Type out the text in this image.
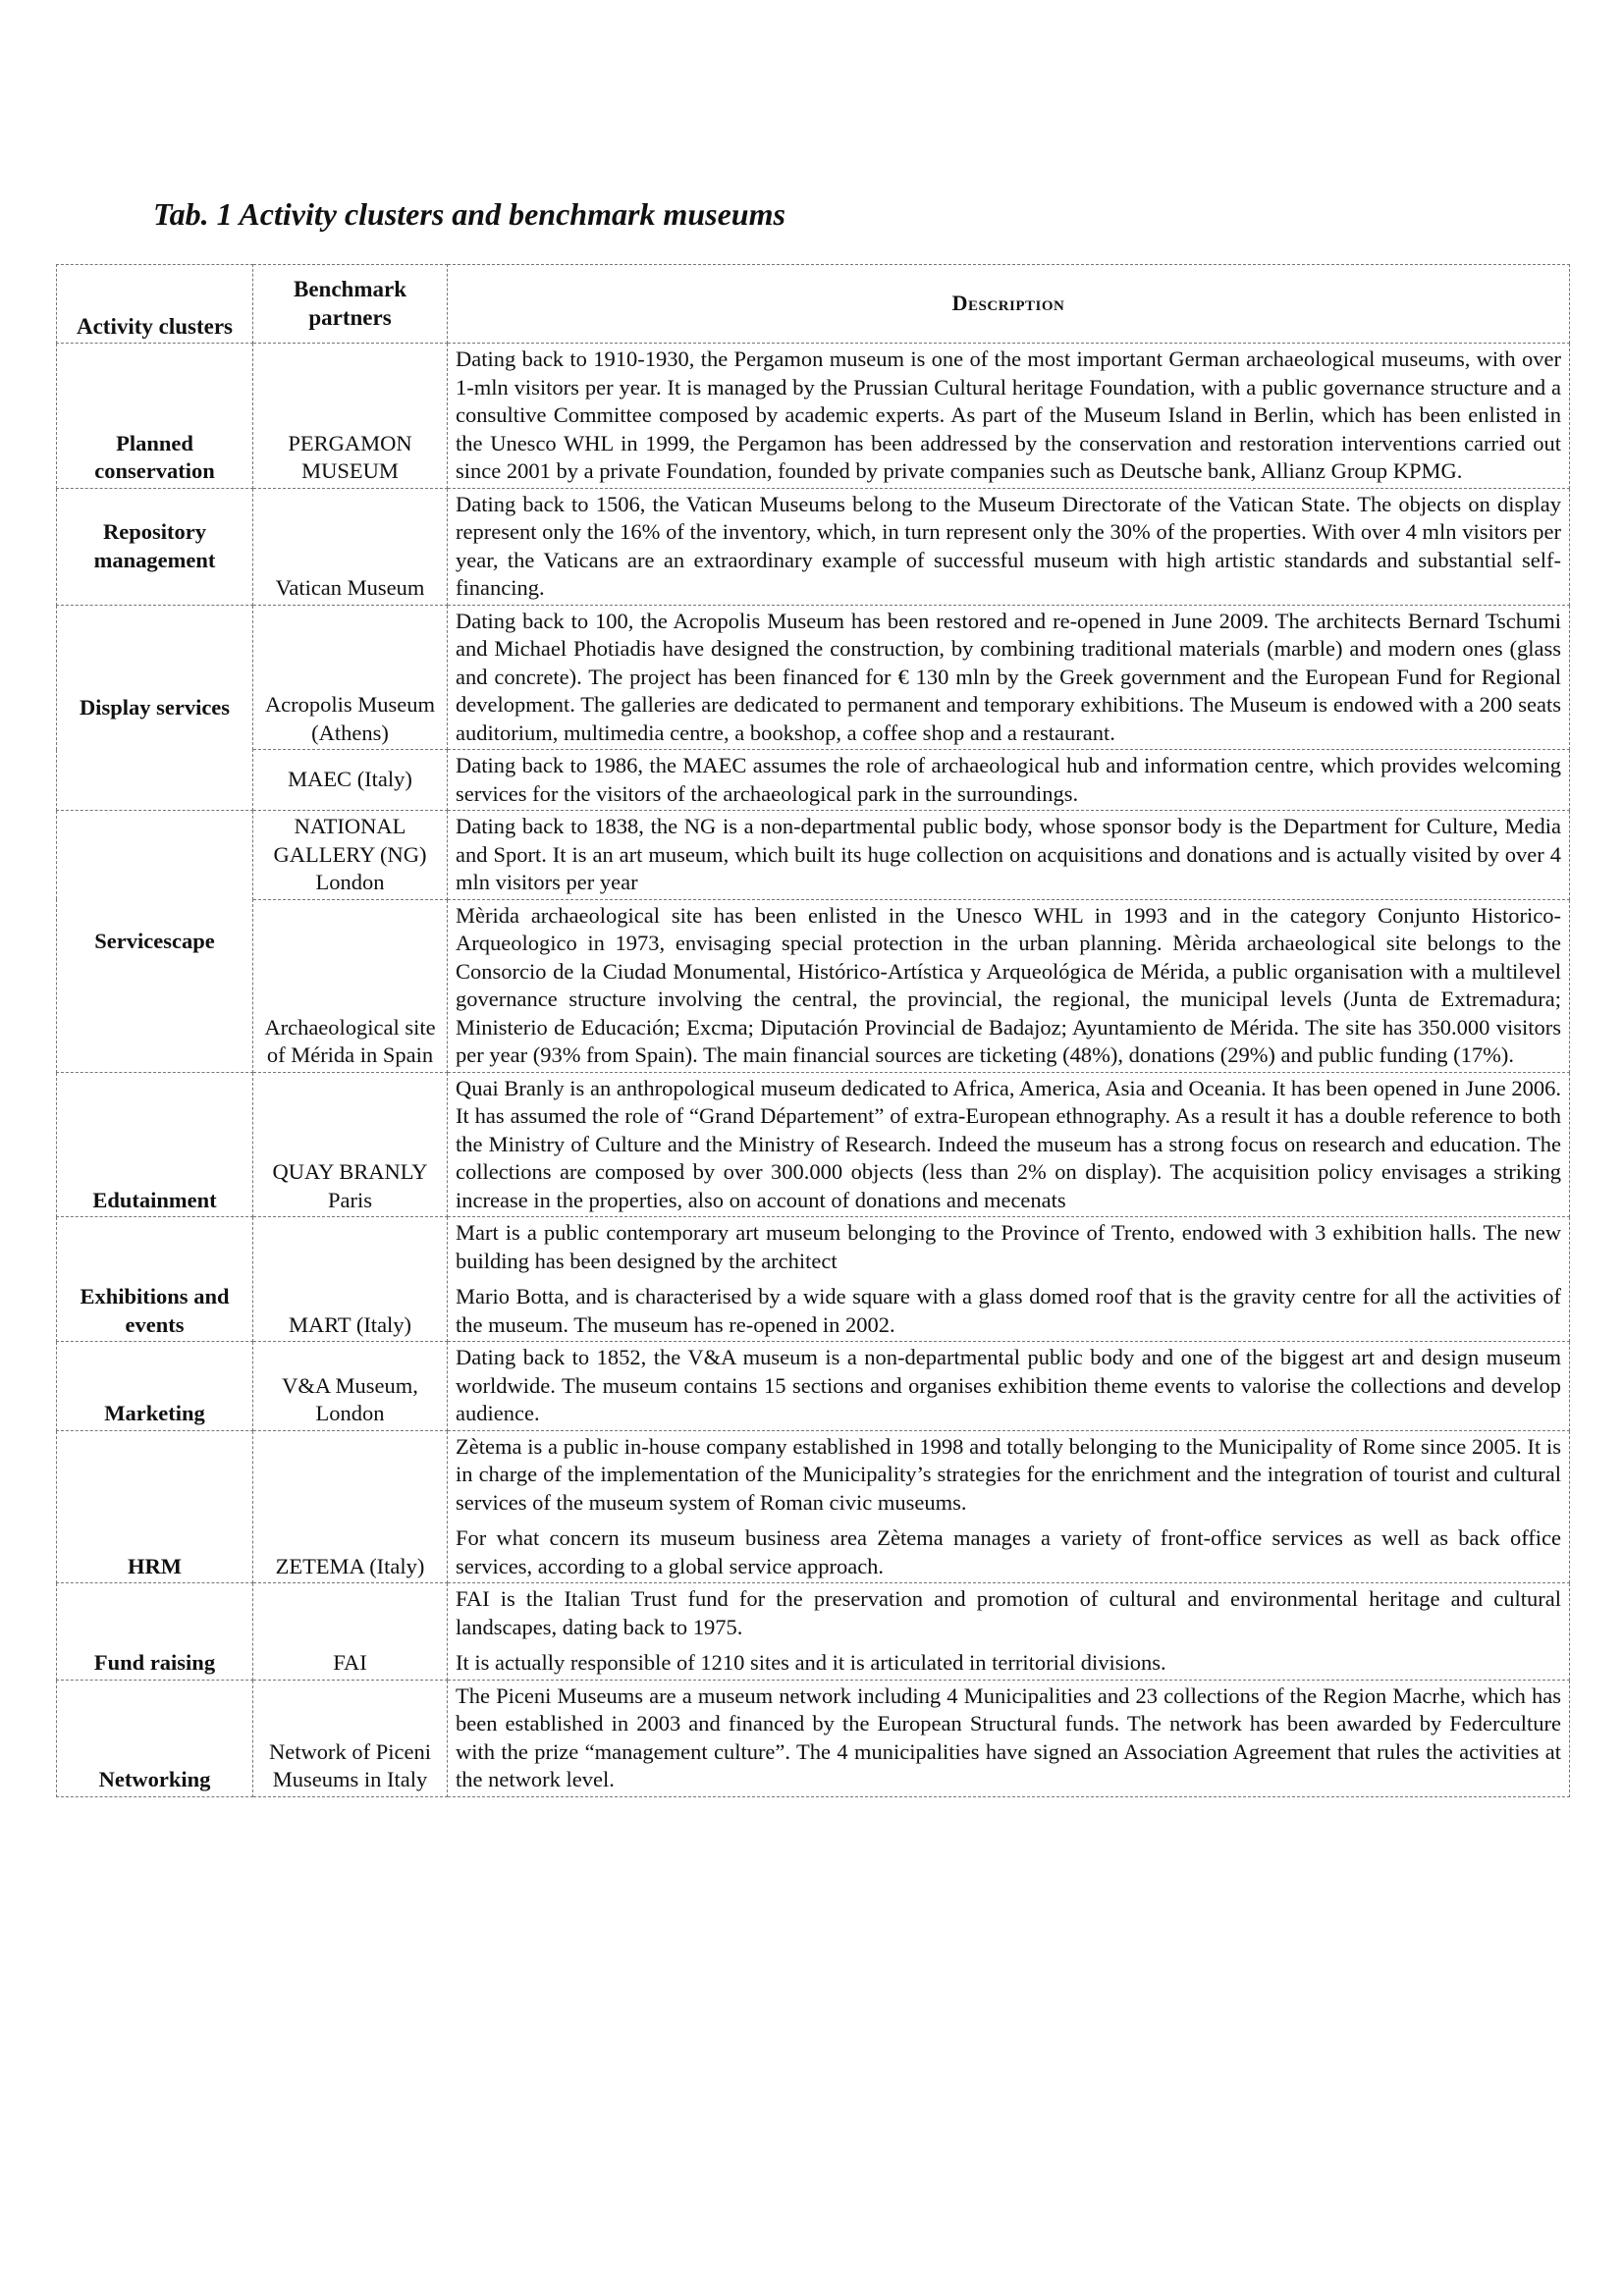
Tab. 1 Activity clusters and benchmark museums
Activity clusters	Benchmark partners	Description
Planned conservation	PERGAMON MUSEUM	Dating back to 1910-1930, the Pergamon museum is one of the most important German archaeological museums, with over 1-mln visitors per year. It is managed by the Prussian Cultural heritage Foundation, with a public governance structure and a consultive Committee composed by academic experts. As part of the Museum Island in Berlin, which has been enlisted in the Unesco WHL in 1999, the Pergamon has been addressed by the conservation and restoration interventions carried out since 2001 by a private Foundation, founded by private companies such as Deutsche bank, Allianz Group KPMG.

Repository management	Vatican Museum	Dating back to 1506, the Vatican Museums belong to the Museum Directorate of the Vatican State. The objects on display represent only the 16% of the inventory, which, in turn represent only the 30% of the properties. With over 4 mln visitors per year, the Vaticans are an extraordinary example of successful museum with high artistic standards and substantial self-financing.

Display services	Acropolis Museum (Athens)	Dating back to 100, the Acropolis Museum has been restored and re-opened in June 2009. The architects Bernard Tschumi and Michael Photiadis have designed the construction, by combining traditional materials (marble) and modern ones (glass and concrete). The project has been financed for € 130 mln by the Greek government and the European Fund for Regional development. The galleries are dedicated to permanent and temporary exhibitions. The Museum is endowed with a 200 seats auditorium, multimedia centre, a bookshop, a coffee shop and a restaurant.

	MAEC (Italy)	Dating back to 1986, the MAEC assumes the role of archaeological hub and information centre, which provides welcoming services for the visitors of the archaeological park in the surroundings.

Servicescape	NATIONAL GALLERY (NG) London	Dating back to 1838, the NG is a non-departmental public body, whose sponsor body is the Department for Culture, Media and Sport. It is an art museum, which built its huge collection on acquisitions and donations and is actually visited by over 4 mln visitors per year

	Archaeological site of Mérida in Spain	Mèrida archaeological site has been enlisted in the Unesco WHL in 1993 and in the category Conjunto Historico-Arqueologico in 1973, envisaging special protection in the urban planning. Mèrida archaeological site belongs to the Consorcio de la Ciudad Monumental, Histórico-Artística y Arqueológica de Mérida, a public organisation with a multilevel governance structure involving the central, the provincial, the regional, the municipal levels (Junta de Extremadura; Ministerio de Educación; Excma; Diputación Provincial de Badajoz; Ayuntamiento de Mérida. The site has 350.000 visitors per year (93% from Spain). The main financial sources are ticketing (48%), donations (29%) and public funding (17%).

Edutainment	QUAY BRANLY Paris	Quai Branly is an anthropological museum dedicated to Africa, America, Asia and Oceania. It has been opened in June 2006. It has assumed the role of “Grand Département” of extra-European ethnography. As a result it has a double reference to both the Ministry of Culture and the Ministry of Research. Indeed the museum has a strong focus on research and education. The collections are composed by over 300.000 objects (less than 2% on display). The acquisition policy envisages a striking increase in the properties, also on account of donations and mecenats

Exhibitions and events	MART (Italy)	Mart is a public contemporary art museum belonging to the Province of Trento, endowed with 3 exhibition halls. The new building has been designed by the architect

Mario Botta, and is characterised by a wide square with a glass domed roof that is the gravity centre for all the activities of the museum. The museum has re-opened in 2002.

Marketing	V&A Museum, London	Dating back to 1852, the V&A museum is a non-departmental public body and one of the biggest art and design museum worldwide. The museum contains 15 sections and organises exhibition theme events to valorise the collections and develop audience.

HRM	ZETEMA (Italy)	Zètema is a public in-house company established in 1998 and totally belonging to the Municipality of Rome since 2005. It is in charge of the implementation of the Municipality’s strategies for the enrichment and the integration of tourist and cultural services of the museum system of Roman civic museums.

For what concern its museum business area Zètema manages a variety of front-office services as well as back office services, according to a global service approach.

Fund raising	FAI	FAI is the Italian Trust fund for the preservation and promotion of cultural and environmental heritage and cultural landscapes, dating back to 1975.

It is actually responsible of 1210 sites and it is articulated in territorial divisions.

Networking	Network of Piceni Museums in Italy	The Piceni Museums are a museum network including 4 Municipalities and 23 collections of the Region Macrhe, which has been established in 2003 and financed by the European Structural funds. The network has been awarded by Federculture with the prize “management culture”. The 4 municipalities have signed an Association Agreement that rules the activities at the network level.
